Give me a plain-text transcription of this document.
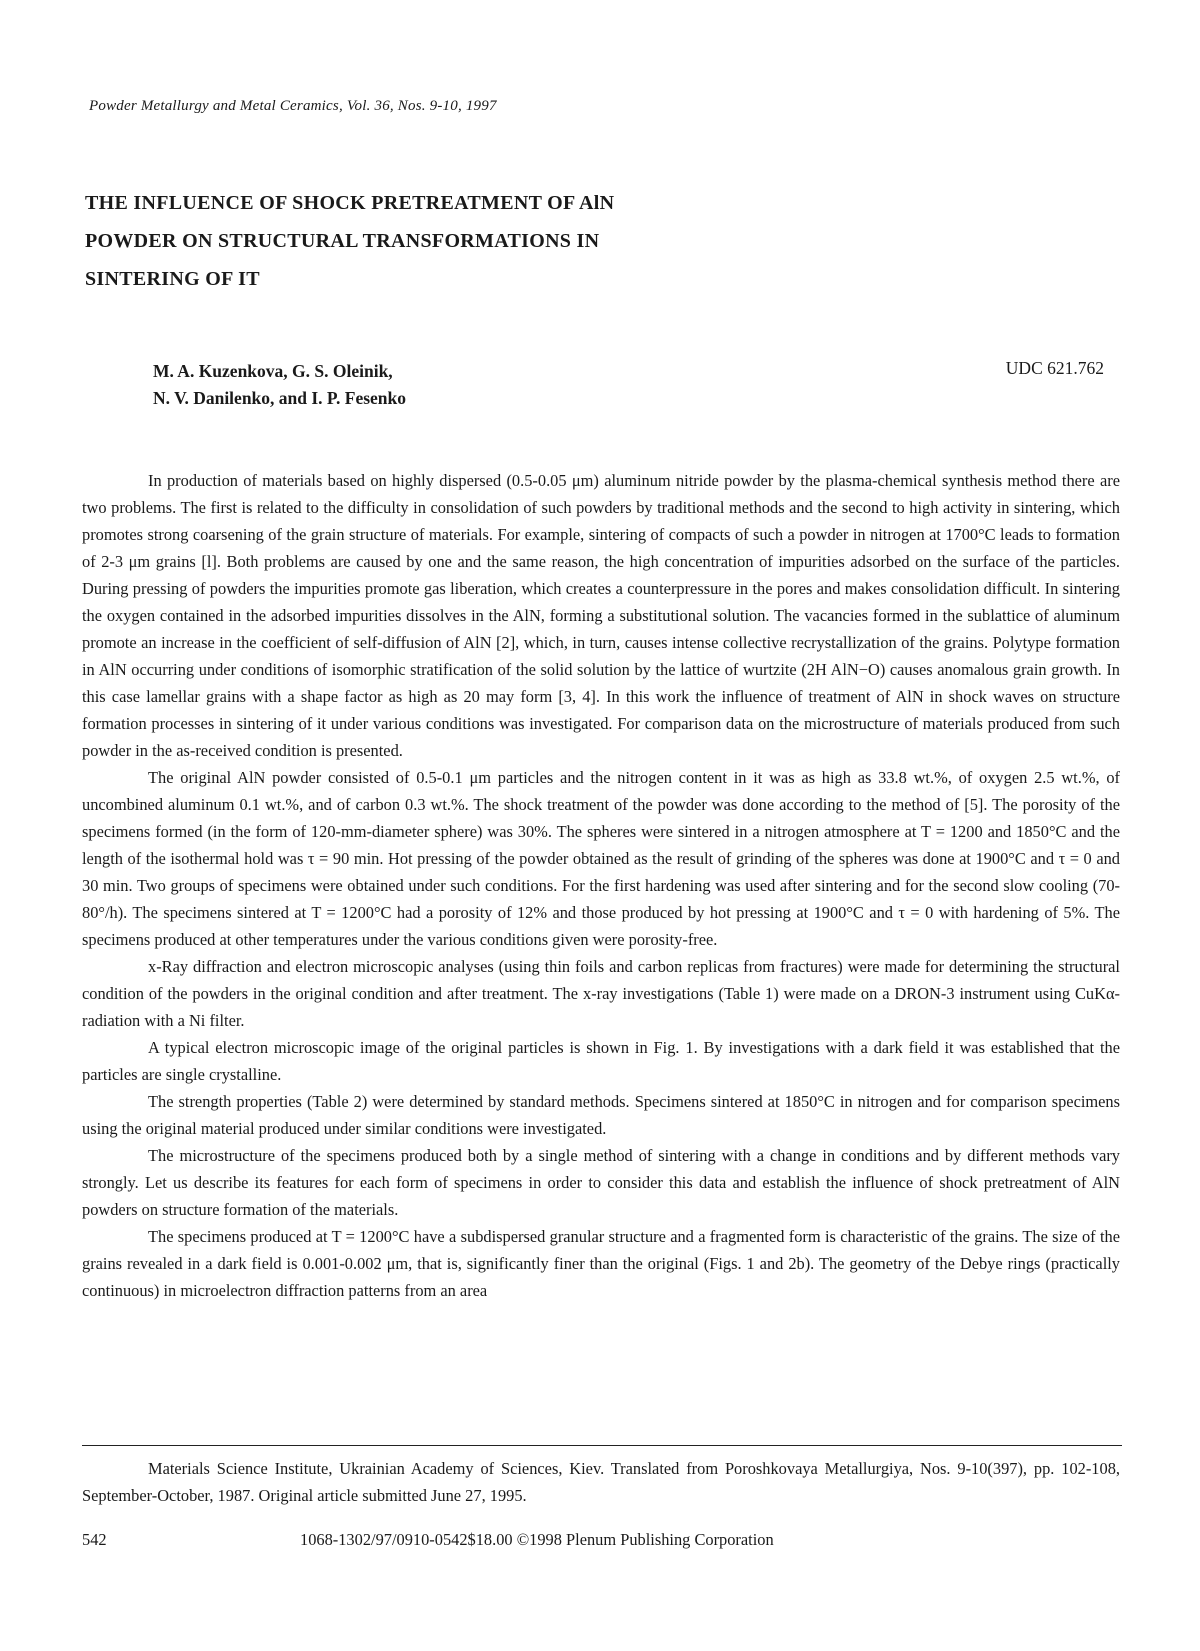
Powder Metallurgy and Metal Ceramics, Vol. 36, Nos. 9-10, 1997
THE INFLUENCE OF SHOCK PRETREATMENT OF AlN
POWDER ON STRUCTURAL TRANSFORMATIONS IN
SINTERING OF IT
M. A. Kuzenkova, G. S. Oleinik,
N. V. Danilenko, and I. P. Fesenko
UDC 621.762

In production of materials based on highly dispersed (0.5-0.05 μm) aluminum nitride powder by the plasma-chemical synthesis method there are two problems. The first is related to the difficulty in consolidation of such powders by traditional methods and the second to high activity in sintering, which promotes strong coarsening of the grain structure of materials. For example, sintering of compacts of such a powder in nitrogen at 1700°C leads to formation of 2-3 μm grains [l]. Both problems are caused by one and the same reason, the high concentration of impurities adsorbed on the surface of the particles. During pressing of powders the impurities promote gas liberation, which creates a counterpressure in the pores and makes consolidation difficult. In sintering the oxygen contained in the adsorbed impurities dissolves in the AlN, forming a substitutional solution. The vacancies formed in the sublattice of aluminum promote an increase in the coefficient of self-diffusion of AlN [2], which, in turn, causes intense collective recrystallization of the grains. Polytype formation in AlN occurring under conditions of isomorphic stratification of the solid solution by the lattice of wurtzite (2H AlN−O) causes anomalous grain growth. In this case lamellar grains with a shape factor as high as 20 may form [3, 4]. In this work the influence of treatment of AlN in shock waves on structure formation processes in sintering of it under various conditions was investigated. For comparison data on the microstructure of materials produced from such powder in the as-received condition is presented.

The original AlN powder consisted of 0.5-0.1 μm particles and the nitrogen content in it was as high as 33.8 wt.%, of oxygen 2.5 wt.%, of uncombined aluminum 0.1 wt.%, and of carbon 0.3 wt.%. The shock treatment of the powder was done according to the method of [5]. The porosity of the specimens formed (in the form of 120-mm-diameter sphere) was 30%. The spheres were sintered in a nitrogen atmosphere at T = 1200 and 1850°C and the length of the isothermal hold was τ = 90 min. Hot pressing of the powder obtained as the result of grinding of the spheres was done at 1900°C and τ = 0 and 30 min. Two groups of specimens were obtained under such conditions. For the first hardening was used after sintering and for the second slow cooling (70-80°/h). The specimens sintered at T = 1200°C had a porosity of 12% and those produced by hot pressing at 1900°C and τ = 0 with hardening of 5%. The specimens produced at other temperatures under the various conditions given were porosity-free.

x-Ray diffraction and electron microscopic analyses (using thin foils and carbon replicas from fractures) were made for determining the structural condition of the powders in the original condition and after treatment. The x-ray investigations (Table 1) were made on a DRON-3 instrument using CuKα-radiation with a Ni filter.

A typical electron microscopic image of the original particles is shown in Fig. 1. By investigations with a dark field it was established that the particles are single crystalline.

The strength properties (Table 2) were determined by standard methods. Specimens sintered at 1850°C in nitrogen and for comparison specimens using the original material produced under similar conditions were investigated.

The microstructure of the specimens produced both by a single method of sintering with a change in conditions and by different methods vary strongly. Let us describe its features for each form of specimens in order to consider this data and establish the influence of shock pretreatment of AlN powders on structure formation of the materials.

The specimens produced at T = 1200°C have a subdispersed granular structure and a fragmented form is characteristic of the grains. The size of the grains revealed in a dark field is 0.001-0.002 μm, that is, significantly finer than the original (Figs. 1 and 2b). The geometry of the Debye rings (practically continuous) in microelectron diffraction patterns from an area

Materials Science Institute, Ukrainian Academy of Sciences, Kiev. Translated from Poroshkovaya Metallurgiya, Nos. 9-10(397), pp. 102-108, September-October, 1987. Original article submitted June 27, 1995.

542	1068-1302/97/0910-0542$18.00 ©1998 Plenum Publishing Corporation
